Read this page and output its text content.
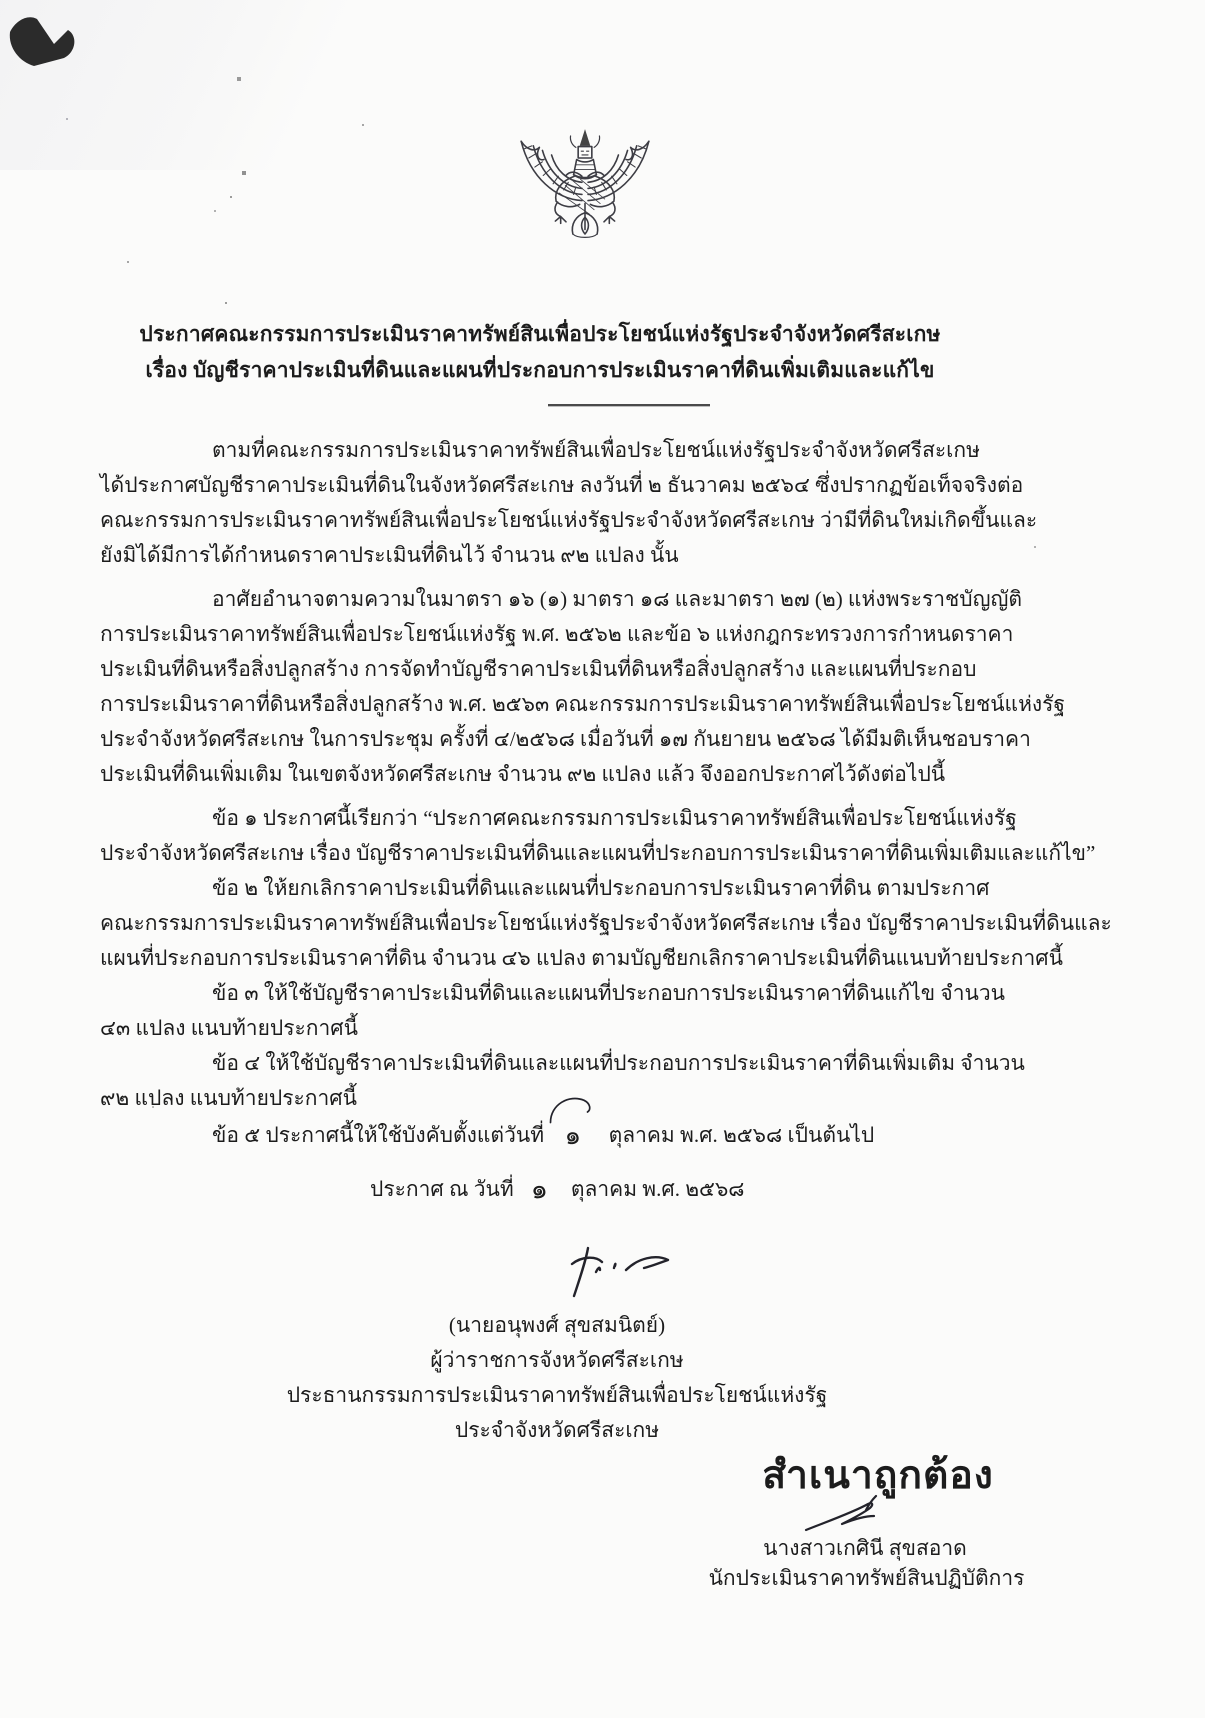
ประกาศคณะกรรมการประเมินราคาทรัพย์สินเพื่อประโยชน์แห่งรัฐประจำจังหวัดศรีสะเกษ
เรื่อง บัญชีราคาประเมินที่ดินและแผนที่ประกอบการประเมินราคาที่ดินเพิ่มเติมและแก้ไข
ตามที่คณะกรรมการประเมินราคาทรัพย์สินเพื่อประโยชน์แห่งรัฐประจำจังหวัดศรีสะเกษ
ได้ประกาศบัญชีราคาประเมินที่ดินในจังหวัดศรีสะเกษ ลงวันที่ ๒ ธันวาคม ๒๕๖๔ ซึ่งปรากฏข้อเท็จจริงต่อ
คณะกรรมการประเมินราคาทรัพย์สินเพื่อประโยชน์แห่งรัฐประจำจังหวัดศรีสะเกษ ว่ามีที่ดินใหม่เกิดขึ้นและ
ยังมิได้มีการได้กำหนดราคาประเมินที่ดินไว้ จำนวน ๙๒ แปลง นั้น
อาศัยอำนาจตามความในมาตรา ๑๖ (๑) มาตรา ๑๘ และมาตรา ๒๗ (๒) แห่งพระราชบัญญัติ
การประเมินราคาทรัพย์สินเพื่อประโยชน์แห่งรัฐ พ.ศ. ๒๕๖๒ และข้อ ๖ แห่งกฎกระทรวงการกำหนดราคา
ประเมินที่ดินหรือสิ่งปลูกสร้าง การจัดทำบัญชีราคาประเมินที่ดินหรือสิ่งปลูกสร้าง และแผนที่ประกอบ
การประเมินราคาที่ดินหรือสิ่งปลูกสร้าง พ.ศ. ๒๕๖๓ คณะกรรมการประเมินราคาทรัพย์สินเพื่อประโยชน์แห่งรัฐ
ประจำจังหวัดศรีสะเกษ ในการประชุม ครั้งที่ ๔/๒๕๖๘ เมื่อวันที่ ๑๗ กันยายน ๒๕๖๘ ได้มีมติเห็นชอบราคา
ประเมินที่ดินเพิ่มเติม ในเขตจังหวัดศรีสะเกษ จำนวน ๙๒ แปลง แล้ว จึงออกประกาศไว้ดังต่อไปนี้
ข้อ ๑ ประกาศนี้เรียกว่า “ประกาศคณะกรรมการประเมินราคาทรัพย์สินเพื่อประโยชน์แห่งรัฐ
ประจำจังหวัดศรีสะเกษ เรื่อง บัญชีราคาประเมินที่ดินและแผนที่ประกอบการประเมินราคาที่ดินเพิ่มเติมและแก้ไข”
ข้อ ๒ ให้ยกเลิกราคาประเมินที่ดินและแผนที่ประกอบการประเมินราคาที่ดิน ตามประกาศ
คณะกรรมการประเมินราคาทรัพย์สินเพื่อประโยชน์แห่งรัฐประจำจังหวัดศรีสะเกษ เรื่อง บัญชีราคาประเมินที่ดินและ
แผนที่ประกอบการประเมินราคาที่ดิน จำนวน ๔๖ แปลง ตามบัญชียกเลิกราคาประเมินที่ดินแนบท้ายประกาศนี้
ข้อ ๓ ให้ใช้บัญชีราคาประเมินที่ดินและแผนที่ประกอบการประเมินราคาที่ดินแก้ไข จำนวน
๔๓ แปลง แนบท้ายประกาศนี้
ข้อ ๔ ให้ใช้บัญชีราคาประเมินที่ดินและแผนที่ประกอบการประเมินราคาที่ดินเพิ่มเติม จำนวน
๙๒ แปลง แนบท้ายประกาศนี้
ข้อ ๕ ประกาศนี้ให้ใช้บังคับตั้งแต่วันที่ ๑ ตุลาคม พ.ศ. ๒๕๖๘ เป็นต้นไป
ประกาศ ณ วันที่ ๑ ตุลาคม พ.ศ. ๒๕๖๘
(นายอนุพงศ์ สุขสมนิตย์)
ผู้ว่าราชการจังหวัดศรีสะเกษ
ประธานกรรมการประเมินราคาทรัพย์สินเพื่อประโยชน์แห่งรัฐ
ประจำจังหวัดศรีสะเกษ
สำเนาถูกต้อง
นางสาวเกศินี สุขสอาด
นักประเมินราคาทรัพย์สินปฏิบัติการ
